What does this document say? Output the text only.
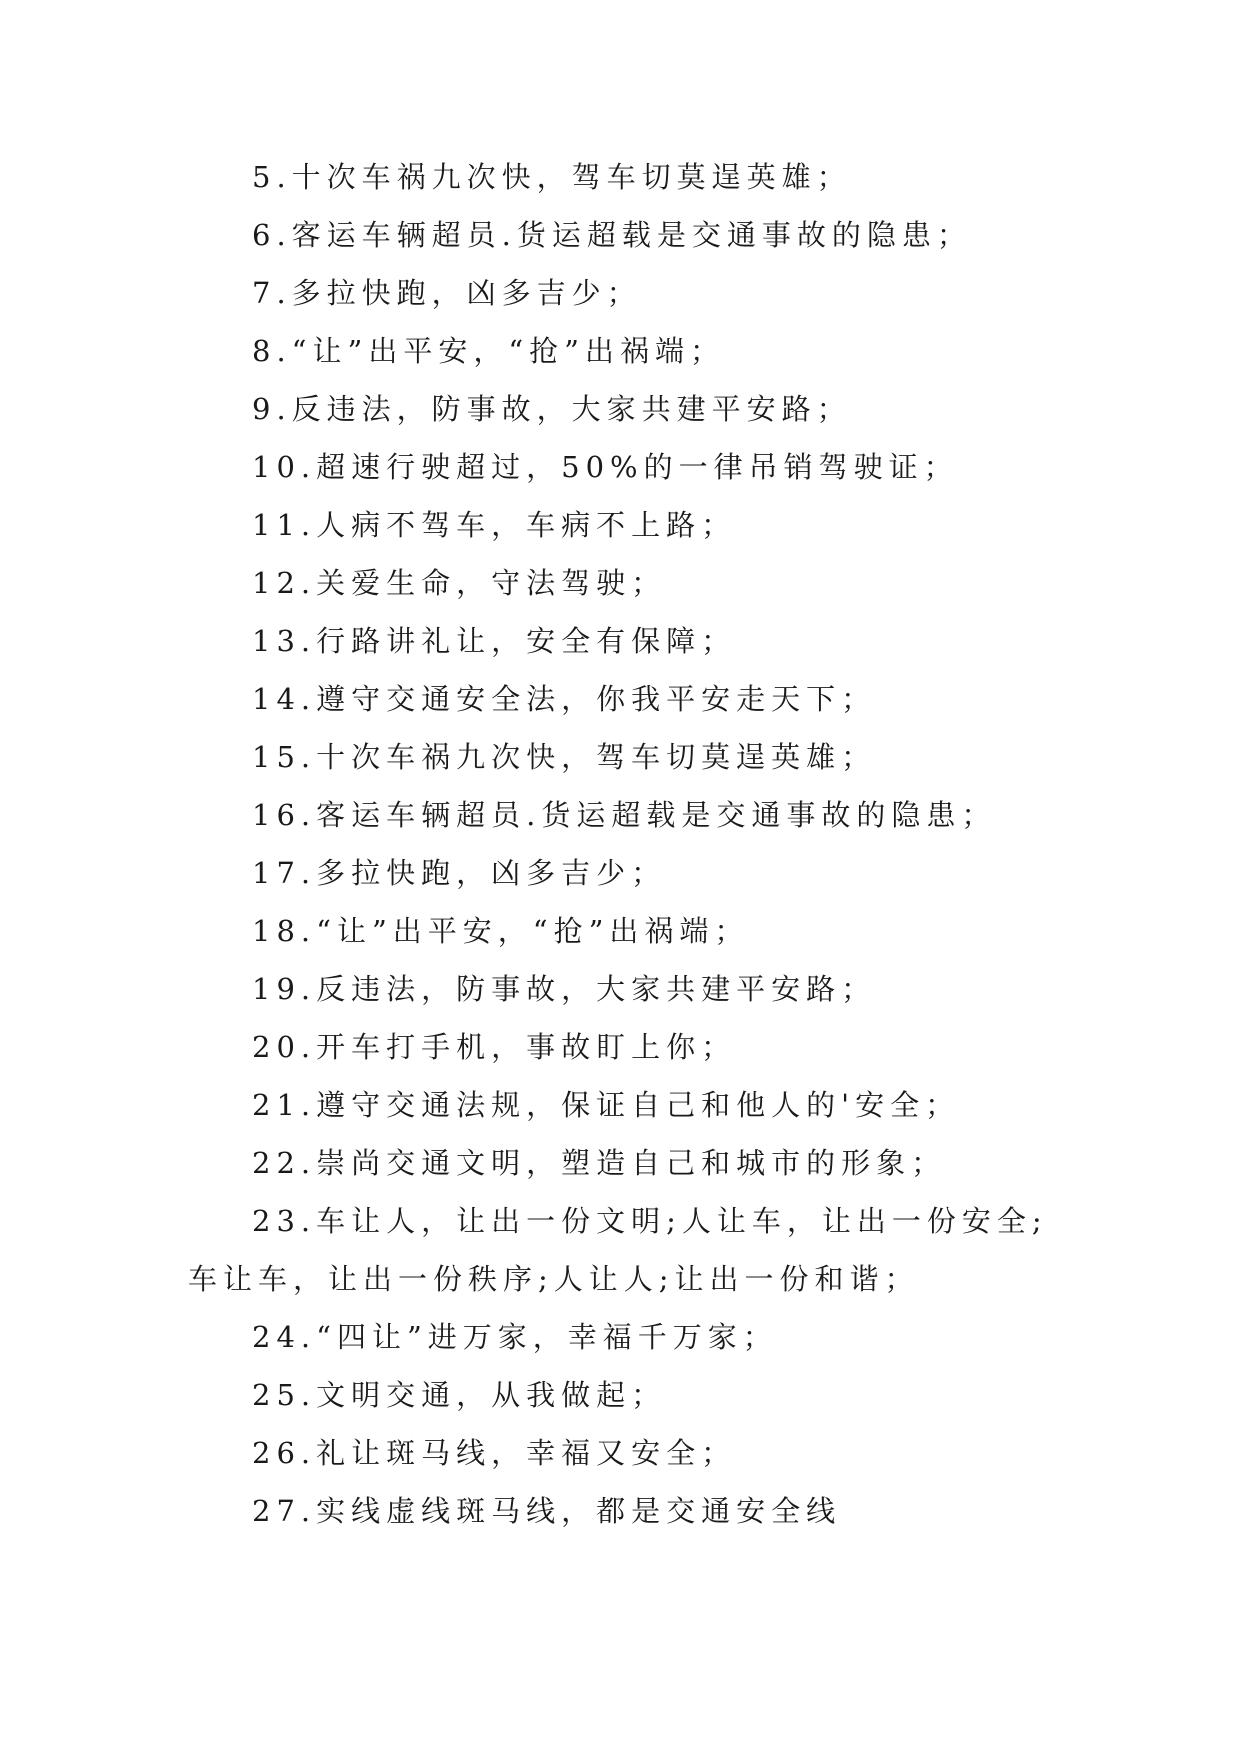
5.十次车祸九次快，驾车切莫逞英雄；

6.客运车辆超员.货运超载是交通事故的隐患；

7.多拉快跑，凶多吉少；

8.“让”出平安，“抢”出祸端；

9.反违法，防事故，大家共建平安路；

10.超速行驶超过，50%的一律吊销驾驶证；

11.人病不驾车，车病不上路；

12.关爱生命，守法驾驶；

13.行路讲礼让，安全有保障；

14.遵守交通安全法，你我平安走天下；

15.十次车祸九次快，驾车切莫逞英雄；

16.客运车辆超员.货运超载是交通事故的隐患；

17.多拉快跑，凶多吉少；

18.“让”出平安，“抢”出祸端；

19.反违法，防事故，大家共建平安路；

20.开车打手机，事故盯上你；

21.遵守交通法规，保证自己和他人的'安全；

22.崇尚交通文明，塑造自己和城市的形象；

23.车让人，让出一份文明;人让车，让出一份安全;车让车，让出一份秩序;人让人;让出一份和谐；

24.“四让”进万家，幸福千万家；

25.文明交通，从我做起；

26.礼让斑马线，幸福又安全；

27.实线虚线斑马线，都是交通安全线
